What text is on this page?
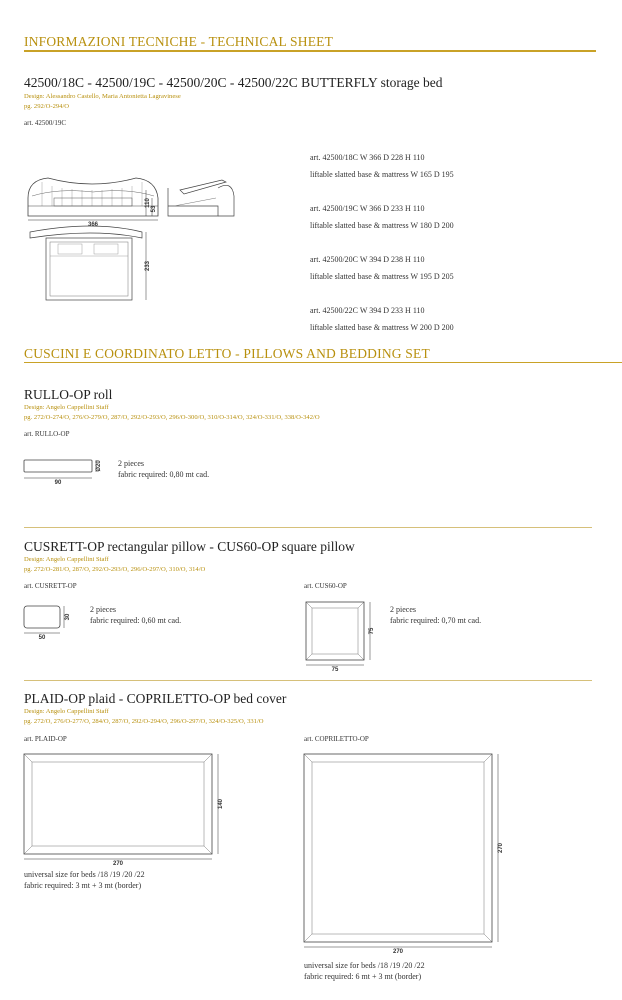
INFORMAZIONI TECNICHE - TECHNICAL SHEET
42500/18C - 42500/19C - 42500/20C - 42500/22C BUTTERFLY storage bed
Design: Alessandro Castello, Maria Antonietta Lagravinese
pg. 292/O-294/O
art. 42500/19C
366
110
53
233
art. 42500/18C W 366 D 228 H 110
liftable slatted base & mattress W 165 D 195
art. 42500/19C W 366 D 233 H 110
liftable slatted base & mattress W 180 D 200
art. 42500/20C W 394 D 238 H 110
liftable slatted base & mattress W 195 D 205
art. 42500/22C W 394 D 233 H 110
liftable slatted base & mattress W 200 D 200
CUSCINI E COORDINATO LETTO - PILLOWS AND BEDDING SET
RULLO-OP roll
Design: Angelo Cappellini Staff
pg. 272/O-274/O, 276/O-279/O, 287/O, 292/O-293/O, 296/O-300/O, 310/O-314/O, 324/O-331/O, 338/O-342/O
art. RULLO-OP
90
Ø20 2 pieces
fabric required: 0,80 mt cad.
CUSRETT-OP rectangular pillow - CUS60-OP square pillow
Design: Angelo Cappellini Staff
pg. 272/O-281/O, 287/O, 292/O-293/O, 296/O-297/O, 310/O, 314/O
art. CUSRETT-OP
50
30
2 pieces
fabric required: 0,60 mt cad.
art. CUS60-OP
75
75
2 pieces
fabric required: 0,70 mt cad.
PLAID-OP plaid - COPRILETTO-OP bed cover
Design: Angelo Cappellini Staff
pg. 272/O, 276/O-277/O, 284/O, 287/O, 292/O-294/O, 296/O-297/O, 324/O-325/O, 331/O
art. PLAID-OP
270
140
universal size for beds /18 /19 /20 /22
fabric required: 3 mt + 3 mt (border)
art. COPRILETTO-OP
270
270
universal size for beds /18 /19 /20 /22
fabric required: 6 mt + 3 mt (border)
